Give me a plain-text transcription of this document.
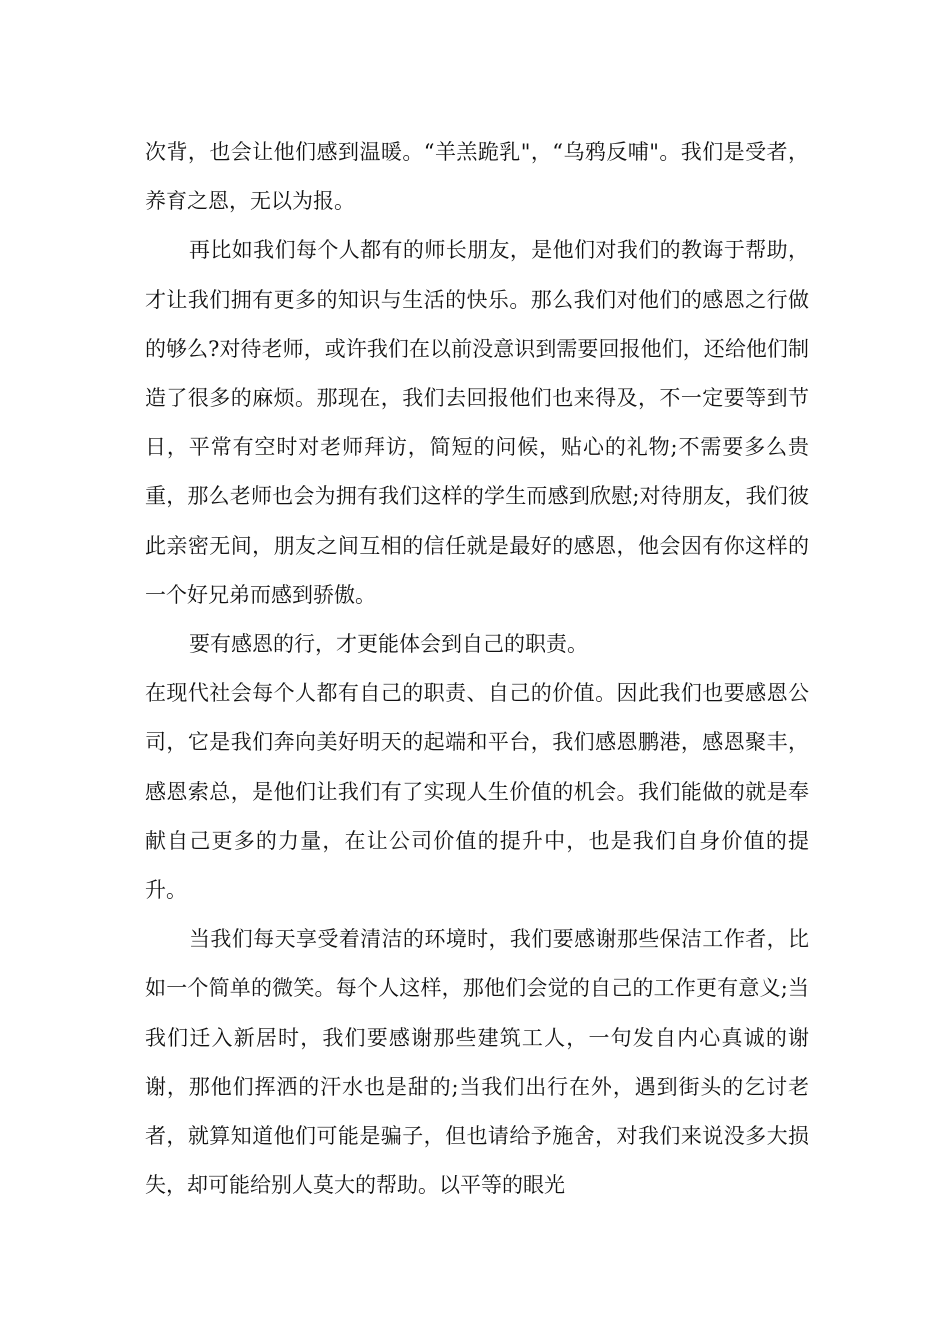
次背，也会让他们感到温暖。“羊羔跪乳"，“乌鸦反哺"。我们是受者，养育之恩，无以为报。

再比如我们每个人都有的师长朋友，是他们对我们的教诲于帮助，才让我们拥有更多的知识与生活的快乐。那么我们对他们的感恩之行做的够么?对待老师，或许我们在以前没意识到需要回报他们，还给他们制造了很多的麻烦。那现在，我们去回报他们也来得及，不一定要等到节日，平常有空时对老师拜访，简短的问候，贴心的礼物;不需要多么贵重，那么老师也会为拥有我们这样的学生而感到欣慰;对待朋友，我们彼此亲密无间，朋友之间互相的信任就是最好的感恩，他会因有你这样的一个好兄弟而感到骄傲。

要有感恩的行，才更能体会到自己的职责。

在现代社会每个人都有自己的职责、自己的价值。因此我们也要感恩公司，它是我们奔向美好明天的起端和平台，我们感恩鹏港，感恩聚丰，感恩索总，是他们让我们有了实现人生价值的机会。我们能做的就是奉献自己更多的力量，在让公司价值的提升中，也是我们自身价值的提升。

当我们每天享受着清洁的环境时，我们要感谢那些保洁工作者，比如一个简单的微笑。每个人这样，那他们会觉的自己的工作更有意义;当我们迁入新居时，我们要感谢那些建筑工人，一句发自内心真诚的谢谢，那他们挥洒的汗水也是甜的;当我们出行在外，遇到街头的乞讨老者，就算知道他们可能是骗子，但也请给予施舍，对我们来说没多大损失，却可能给别人莫大的帮助。以平等的眼光
